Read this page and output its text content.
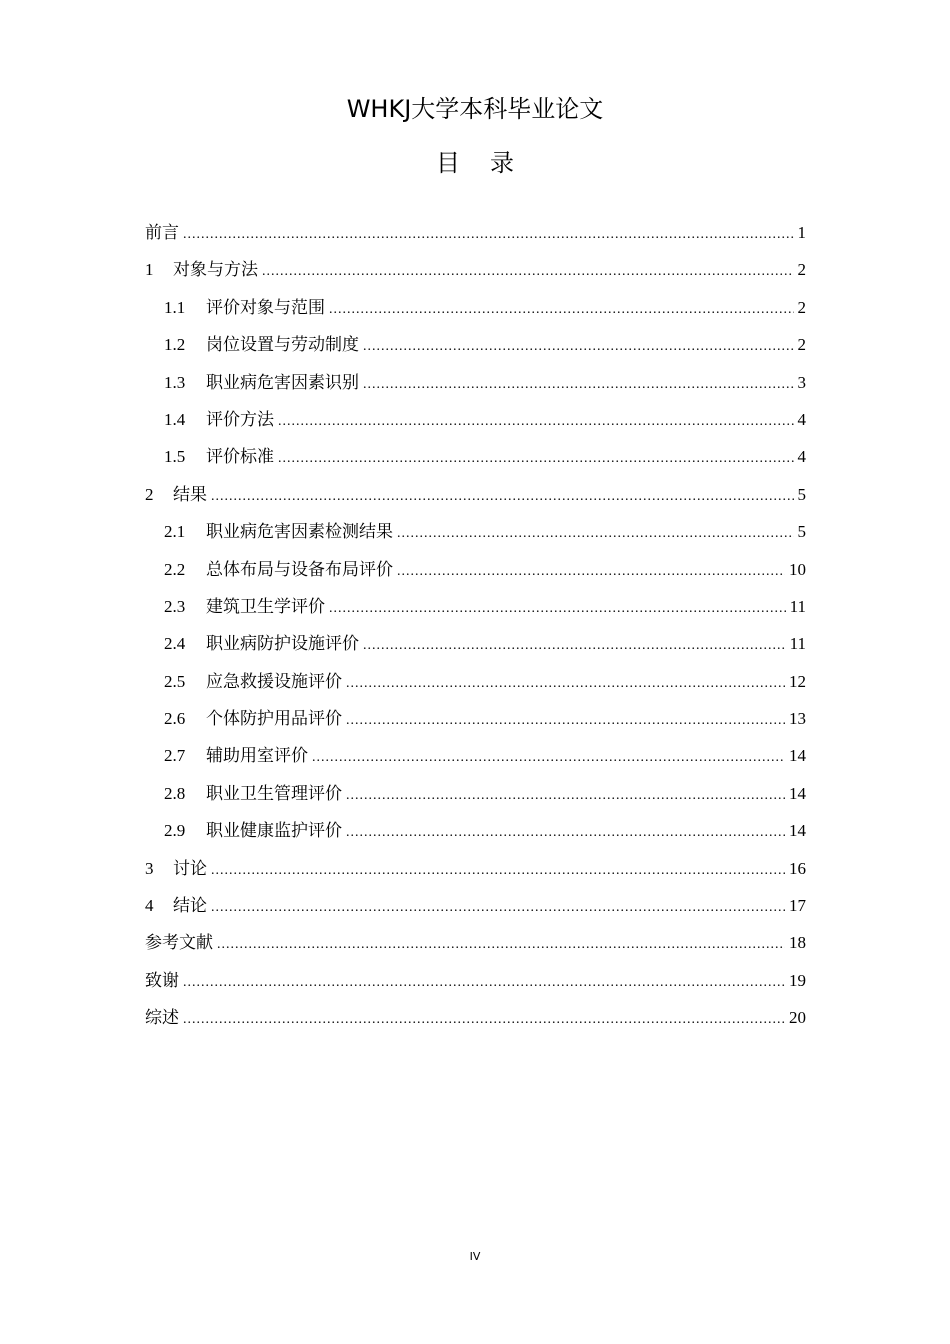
WHKJ大学本科毕业论文
目录
前言 .....	1
1	对象与方法 .....	2
1.1	评价对象与范围 .....	2
1.2	岗位设置与劳动制度 .....	2
1.3	职业病危害因素识别 .....	3
1.4	评价方法 .....	4
1.5	评价标准 .....	4
2	结果 .....	5
2.1	职业病危害因素检测结果 .....	5
2.2	总体布局与设备布局评价 .....	10
2.3	建筑卫生学评价 .....	11
2.4	职业病防护设施评价 .....	11
2.5	应急救援设施评价 .....	12
2.6	个体防护用品评价 .....	13
2.7	辅助用室评价 .....	14
2.8	职业卫生管理评价 .....	14
2.9	职业健康监护评价 .....	14
3	讨论 .....	16
4	结论 .....	17
参考文献 .....	18
致谢 .....	19
综述 .....	20
IV
